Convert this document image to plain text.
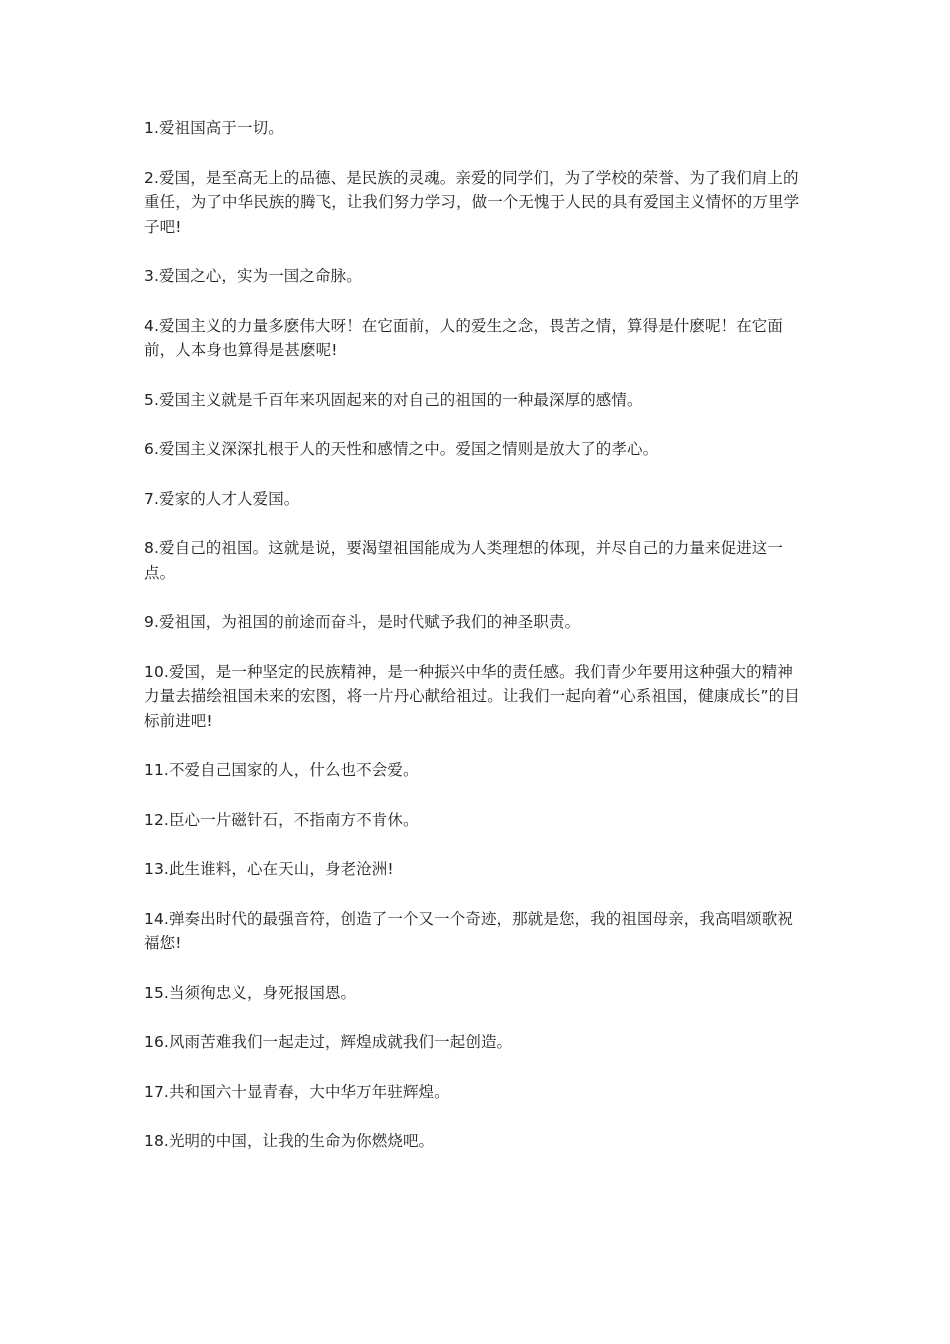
1.爱祖国高于一切。

2.爱国，是至高无上的品德、是民族的灵魂。亲爱的同学们，为了学校的荣誉、为了我们肩上的重任，为了中华民族的腾飞，让我们努力学习，做一个无愧于人民的具有爱国主义情怀的万里学子吧!

3.爱国之心，实为一国之命脉。

4.爱国主义的力量多麽伟大呀！在它面前，人的爱生之念，畏苦之情，算得是什麽呢！在它面前，人本身也算得是甚麽呢!

5.爱国主义就是千百年来巩固起来的对自己的祖国的一种最深厚的感情。

6.爱国主义深深扎根于人的天性和感情之中。爱国之情则是放大了的孝心。

7.爱家的人才人爱国。

8.爱自己的祖国。这就是说，要渴望祖国能成为人类理想的体现，并尽自己的力量来促进这一点。

9.爱祖国，为祖国的前途而奋斗，是时代赋予我们的神圣职责。

10.爱国，是一种坚定的民族精神，是一种振兴中华的责任感。我们青少年要用这种强大的精神力量去描绘祖国未来的宏图，将一片丹心献给祖过。让我们一起向着“心系祖国，健康成长”的目标前进吧!

11.不爱自己国家的人，什么也不会爱。

12.臣心一片磁针石，不指南方不肯休。

13.此生谁料，心在天山，身老沧洲!

14.弹奏出时代的最强音符，创造了一个又一个奇迹，那就是您，我的祖国母亲，我高唱颂歌祝福您!

15.当须徇忠义，身死报国恩。

16.风雨苦难我们一起走过，辉煌成就我们一起创造。

17.共和国六十显青春，大中华万年驻辉煌。

18.光明的中国，让我的生命为你燃烧吧。
